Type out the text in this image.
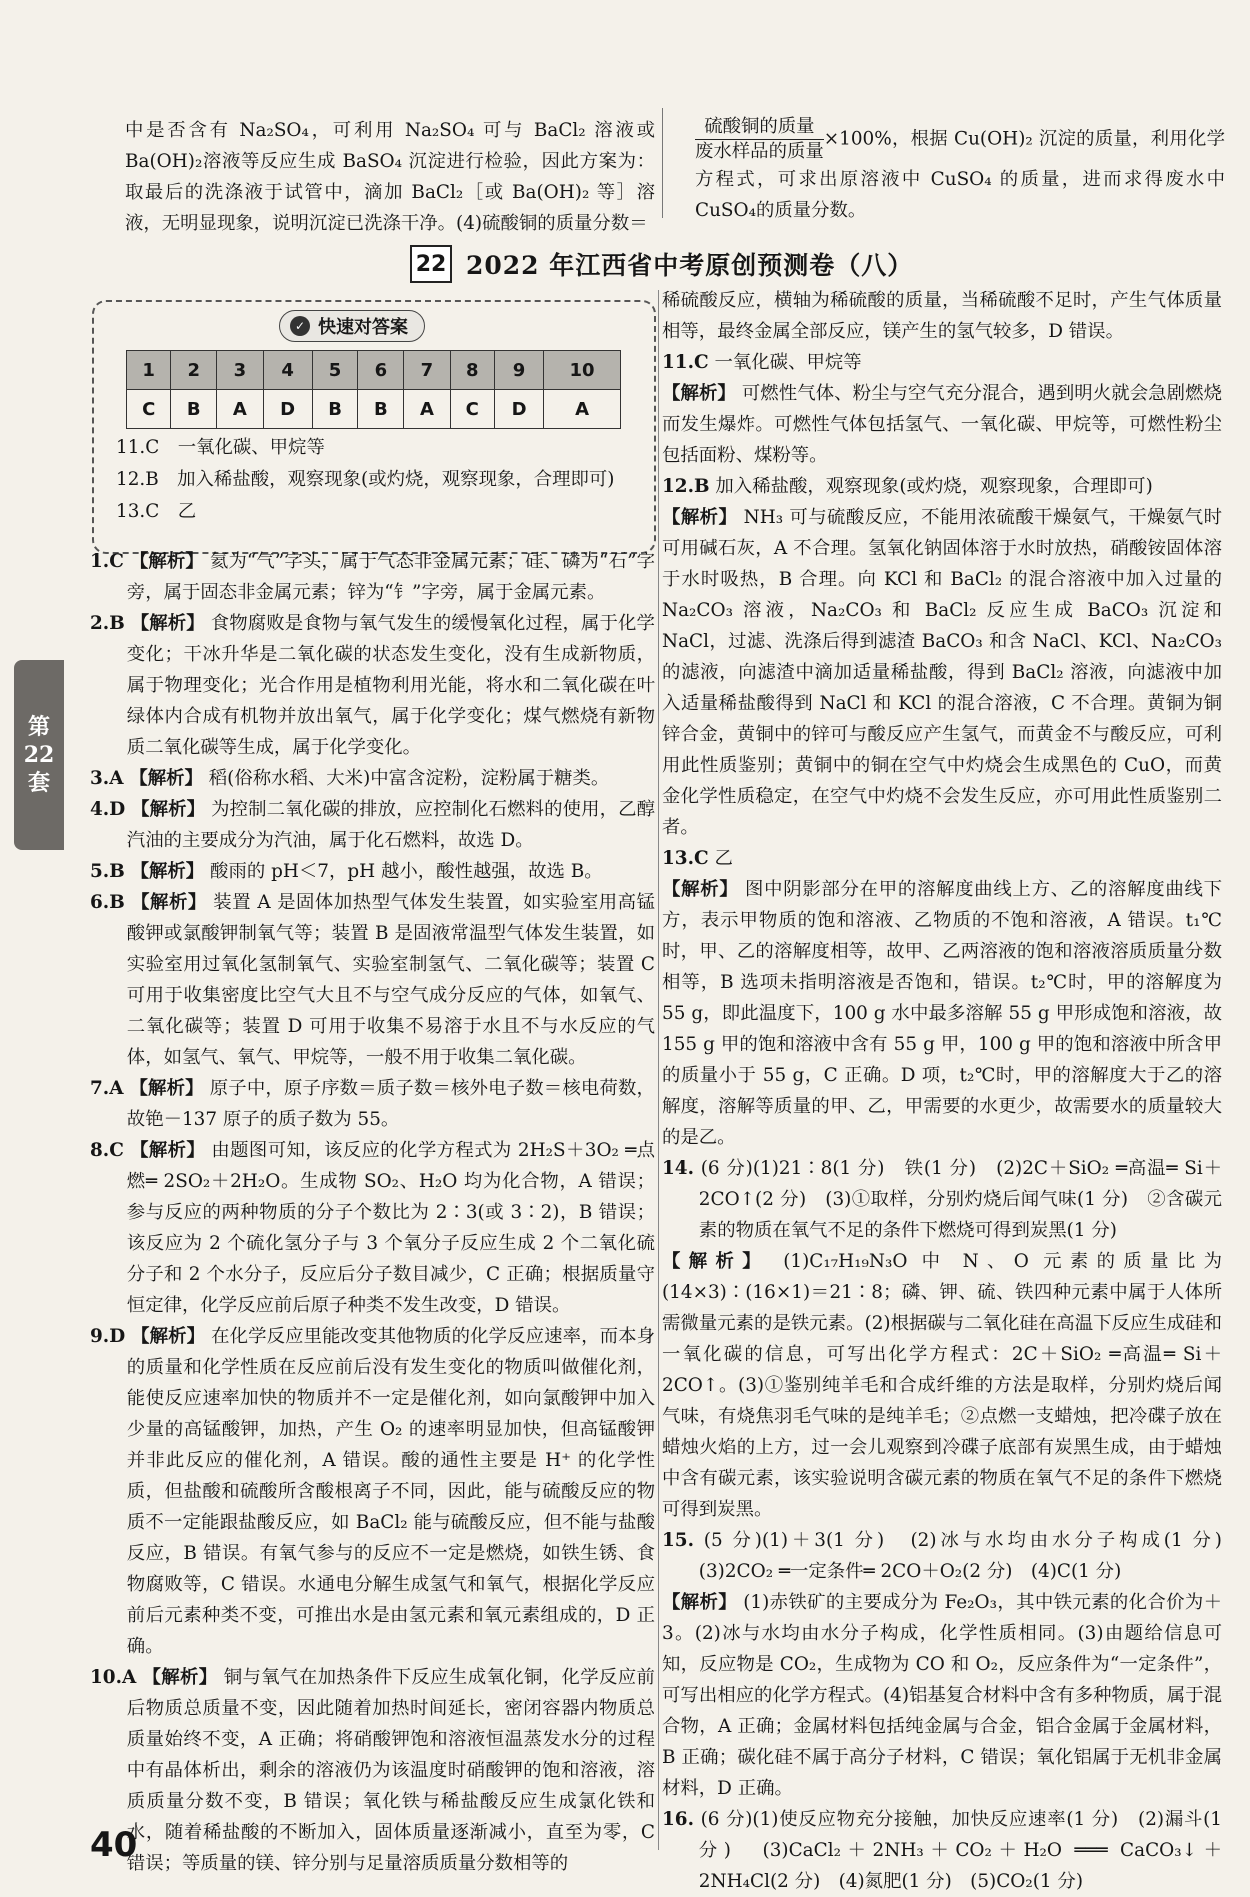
中是否含有 Na₂SO₄，可利用 Na₂SO₄ 可与 BaCl₂ 溶液或 Ba(OH)₂溶液等反应生成 BaSO₄ 沉淀进行检验，因此方案为：取最后的洗涤液于试管中，滴加 BaCl₂［或 Ba(OH)₂ 等］溶液，无明显现象，说明沉淀已洗涤干净。(4)硫酸铜的质量分数＝

$\frac{\text{硫酸铜的质量}}{\text{废水样品的质量}} \times 100\%$，根据 Cu(OH)₂ 沉淀的质量，利用化学方程式，可求出原溶液中 CuSO₄ 的质量，进而求得废水中 CuSO₄的质量分数。

22 2022 年江西省中考原创预测卷（八）
✓ 快速对答案
1	2	3	4	5	6	7	8	9	10
C	B	A	D	B	B	A	C	D	A
11.C　一氧化碳、甲烷等
12.B　加入稀盐酸，观察现象(或灼烧，观察现象，合理即可)
13.C　乙
第
22
套

1.C 【解析】 氦为“气”字头，属于气态非金属元素；硅、磷为“石”字旁，属于固态非金属元素；锌为“钅”字旁，属于金属元素。

2.B 【解析】 食物腐败是食物与氧气发生的缓慢氧化过程，属于化学变化；干冰升华是二氧化碳的状态发生变化，没有生成新物质，属于物理变化；光合作用是植物利用光能，将水和二氧化碳在叶绿体内合成有机物并放出氧气，属于化学变化；煤气燃烧有新物质二氧化碳等生成，属于化学变化。

3.A 【解析】 稻(俗称水稻、大米)中富含淀粉，淀粉属于糖类。

4.D 【解析】 为控制二氧化碳的排放，应控制化石燃料的使用，乙醇汽油的主要成分为汽油，属于化石燃料，故选 D。

5.B 【解析】 酸雨的 pH＜7，pH 越小，酸性越强，故选 B。

6.B 【解析】 装置 A 是固体加热型气体发生装置，如实验室用高锰酸钾或氯酸钾制氧气等；装置 B 是固液常温型气体发生装置，如实验室用过氧化氢制氧气、实验室制氢气、二氧化碳等；装置 C 可用于收集密度比空气大且不与空气成分反应的气体，如氧气、二氧化碳等；装置 D 可用于收集不易溶于水且不与水反应的气体，如氢气、氧气、甲烷等，一般不用于收集二氧化碳。

7.A 【解析】 原子中，原子序数＝质子数＝核外电子数＝核电荷数，故铯－137 原子的质子数为 55。

8.C 【解析】 由题图可知，该反应的化学方程式为 2H₂S＋3O₂ ═点燃═ 2SO₂＋2H₂O。生成物 SO₂、H₂O 均为化合物，A 错误；参与反应的两种物质的分子个数比为 2∶3(或 3∶2)，B 错误；该反应为 2 个硫化氢分子与 3 个氧分子反应生成 2 个二氧化硫分子和 2 个水分子，反应后分子数目减少，C 正确；根据质量守恒定律，化学反应前后原子种类不发生改变，D 错误。

9.D 【解析】 在化学反应里能改变其他物质的化学反应速率，而本身的质量和化学性质在反应前后没有发生变化的物质叫做催化剂，能使反应速率加快的物质并不一定是催化剂，如向氯酸钾中加入少量的高锰酸钾，加热，产生 O₂ 的速率明显加快，但高锰酸钾并非此反应的催化剂，A 错误。酸的通性主要是 H⁺ 的化学性质，但盐酸和硫酸所含酸根离子不同，因此，能与硫酸反应的物质不一定能跟盐酸反应，如 BaCl₂ 能与硫酸反应，但不能与盐酸反应，B 错误。有氧气参与的反应不一定是燃烧，如铁生锈、食物腐败等，C 错误。水通电分解生成氢气和氧气，根据化学反应前后元素种类不变，可推出水是由氢元素和氧元素组成的，D 正确。

10.A 【解析】 铜与氧气在加热条件下反应生成氧化铜，化学反应前后物质总质量不变，因此随着加热时间延长，密闭容器内物质总质量始终不变，A 正确；将硝酸钾饱和溶液恒温蒸发水分的过程中有晶体析出，剩余的溶液仍为该温度时硝酸钾的饱和溶液，溶质质量分数不变，B 错误；氧化铁与稀盐酸反应生成氯化铁和水，随着稀盐酸的不断加入，固体质量逐渐减小，直至为零，C 错误；等质量的镁、锌分别与足量溶质质量分数相等的

稀硫酸反应，横轴为稀硫酸的质量，当稀硫酸不足时，产生气体质量相等，最终金属全部反应，镁产生的氢气较多，D 错误。

11.C 一氧化碳、甲烷等

【解析】 可燃性气体、粉尘与空气充分混合，遇到明火就会急剧燃烧而发生爆炸。可燃性气体包括氢气、一氧化碳、甲烷等，可燃性粉尘包括面粉、煤粉等。

12.B 加入稀盐酸，观察现象(或灼烧，观察现象，合理即可)

【解析】 NH₃ 可与硫酸反应，不能用浓硫酸干燥氨气，干燥氨气时可用碱石灰，A 不合理。氢氧化钠固体溶于水时放热，硝酸铵固体溶于水时吸热，B 合理。向 KCl 和 BaCl₂ 的混合溶液中加入过量的 Na₂CO₃ 溶液，Na₂CO₃ 和 BaCl₂ 反应生成 BaCO₃ 沉淀和 NaCl，过滤、洗涤后得到滤渣 BaCO₃ 和含 NaCl、KCl、Na₂CO₃ 的滤液，向滤渣中滴加适量稀盐酸，得到 BaCl₂ 溶液，向滤液中加入适量稀盐酸得到 NaCl 和 KCl 的混合溶液，C 不合理。黄铜为铜锌合金，黄铜中的锌可与酸反应产生氢气，而黄金不与酸反应，可利用此性质鉴别；黄铜中的铜在空气中灼烧会生成黑色的 CuO，而黄金化学性质稳定，在空气中灼烧不会发生反应，亦可用此性质鉴别二者。

13.C 乙

【解析】 图中阴影部分在甲的溶解度曲线上方、乙的溶解度曲线下方，表示甲物质的饱和溶液、乙物质的不饱和溶液，A 错误。t₁℃时，甲、乙的溶解度相等，故甲、乙两溶液的饱和溶液溶质质量分数相等，B 选项未指明溶液是否饱和，错误。t₂℃时，甲的溶解度为 55 g，即此温度下，100 g 水中最多溶解 55 g 甲形成饱和溶液，故 155 g 甲的饱和溶液中含有 55 g 甲，100 g 甲的饱和溶液中所含甲的质量小于 55 g，C 正确。D 项，t₂℃时，甲的溶解度大于乙的溶解度，溶解等质量的甲、乙，甲需要的水更少，故需要水的质量较大的是乙。

14. (6 分)(1)21∶8(1 分)　铁(1 分)　(2)2C＋SiO₂ ═高温═ Si＋2CO↑(2 分)　(3)①取样，分别灼烧后闻气味(1 分)　②含碳元素的物质在氧气不足的条件下燃烧可得到炭黑(1 分)

【解析】 (1)C₁₇H₁₉N₃O 中 N、O 元素的质量比为(14×3)∶(16×1)＝21∶8；磷、钾、硫、铁四种元素中属于人体所需微量元素的是铁元素。(2)根据碳与二氧化硅在高温下反应生成硅和一氧化碳的信息，可写出化学方程式：2C＋SiO₂ ═高温═ Si＋2CO↑。(3)①鉴别纯羊毛和合成纤维的方法是取样，分别灼烧后闻气味，有烧焦羽毛气味的是纯羊毛；②点燃一支蜡烛，把冷碟子放在蜡烛火焰的上方，过一会儿观察到冷碟子底部有炭黑生成，由于蜡烛中含有碳元素，该实验说明含碳元素的物质在氧气不足的条件下燃烧可得到炭黑。

15. (5 分)(1)＋3(1 分)　(2)冰与水均由水分子构成(1 分)　(3)2CO₂ ═一定条件═ 2CO＋O₂(2 分)　(4)C(1 分)

【解析】 (1)赤铁矿的主要成分为 Fe₂O₃，其中铁元素的化合价为＋3。(2)冰与水均由水分子构成，化学性质相同。(3)由题给信息可知，反应物是 CO₂，生成物为 CO 和 O₂，反应条件为“一定条件”，可写出相应的化学方程式。(4)铝基复合材料中含有多种物质，属于混合物，A 正确；金属材料包括纯金属与合金，铝合金属于金属材料，B 正确；碳化硅不属于高分子材料，C 错误；氧化铝属于无机非金属材料，D 正确。

16. (6 分)(1)使反应物充分接触，加快反应速率(1 分)　(2)漏斗(1 分)　(3)CaCl₂＋2NH₃＋CO₂＋H₂O ═══ CaCO₃↓＋2NH₄Cl(2 分)　(4)氮肥(1 分)　(5)CO₂(1 分)

40
